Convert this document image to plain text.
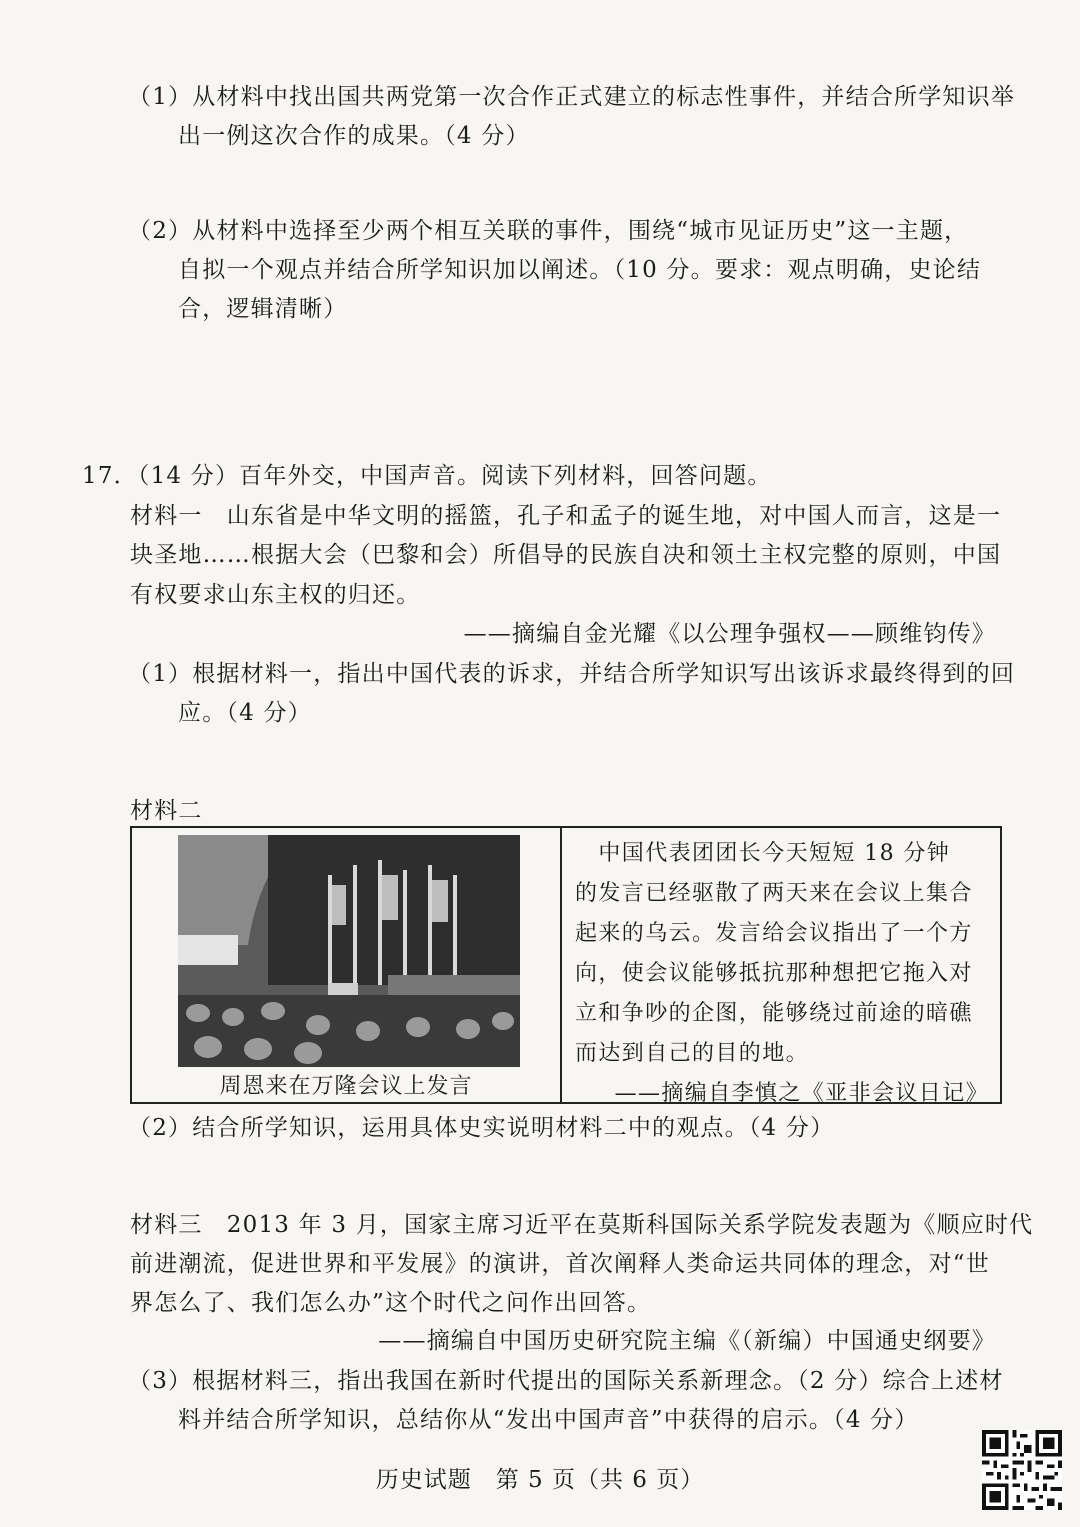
（1）从材料中找出国共两党第一次合作正式建立的标志性事件，并结合所学知识举
出一例这次合作的成果。（4 分）
（2）从材料中选择至少两个相互关联的事件，围绕“城市见证历史”这一主题，
自拟一个观点并结合所学知识加以阐述。（10 分。要求：观点明确，史论结
合，逻辑清晰）
17．（14 分）百年外交，中国声音。阅读下列材料，回答问题。
材料一　山东省是中华文明的摇篮，孔子和孟子的诞生地，对中国人而言，这是一
块圣地……根据大会（巴黎和会）所倡导的民族自决和领土主权完整的原则，中国
有权要求山东主权的归还。
——摘编自金光耀《以公理争强权——顾维钧传》
（1）根据材料一，指出中国代表的诉求，并结合所学知识写出该诉求最终得到的回
应。（4 分）
材料二
周恩来在万隆会议上发言
　中国代表团团长今天短短 18 分钟
的发言已经驱散了两天来在会议上集合
起来的乌云。发言给会议指出了一个方
向，使会议能够抵抗那种想把它拖入对
立和争吵的企图，能够绕过前途的暗礁
而达到自己的目的地。
——摘编自李慎之《亚非会议日记》
（2）结合所学知识，运用具体史实说明材料二中的观点。（4 分）
材料三　2013 年 3 月，国家主席习近平在莫斯科国际关系学院发表题为《顺应时代
前进潮流，促进世界和平发展》的演讲，首次阐释人类命运共同体的理念，对“世
界怎么了、我们怎么办”这个时代之问作出回答。
——摘编自中国历史研究院主编《（新编）中国通史纲要》
（3）根据材料三，指出我国在新时代提出的国际关系新理念。（2 分）综合上述材
料并结合所学知识，总结你从“发出中国声音”中获得的启示。（4 分）
历史试题　第 5 页（共 6 页）
